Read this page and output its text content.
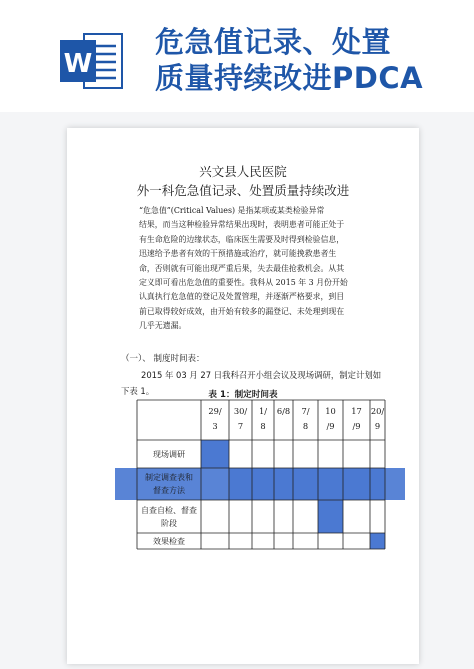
W
危急值记录、处置
质量持续改进PDCA
兴文县人民医院
外一科危急值记录、处置质量持续改进
“危急值”(Critical Values) 是指某项或某类检验异常
结果，而当这种检验异常结果出现时，表明患者可能正处于
有生命危险的边缘状态，临床医生需要及时得到检验信息，
迅速给予患者有效的干预措施或治疗，就可能挽救患者生
命，否则就有可能出现严重后果，失去最佳抢救机会。从其
定义即可看出危急值的重要性。我科从 2015 年 3 月份开始
认真执行危急值的登记及处置管理，并逐渐严格要求，到目
前已取得较好成效，由开始有较多的漏登记、未处理到现在
几乎无遗漏。
（一）、 制度时间表：
2015 年 03 月 27 日我科召开小组会议及现场调研，制定计划如
下表 1。	表 1：制定时间表
29/
3
30/
7
1/
8
6/8	7/
8
10
/9
17
/9
20/
9
现场调研
制定调查表和
督查方法
自查自检、督查
阶段
效果检查
